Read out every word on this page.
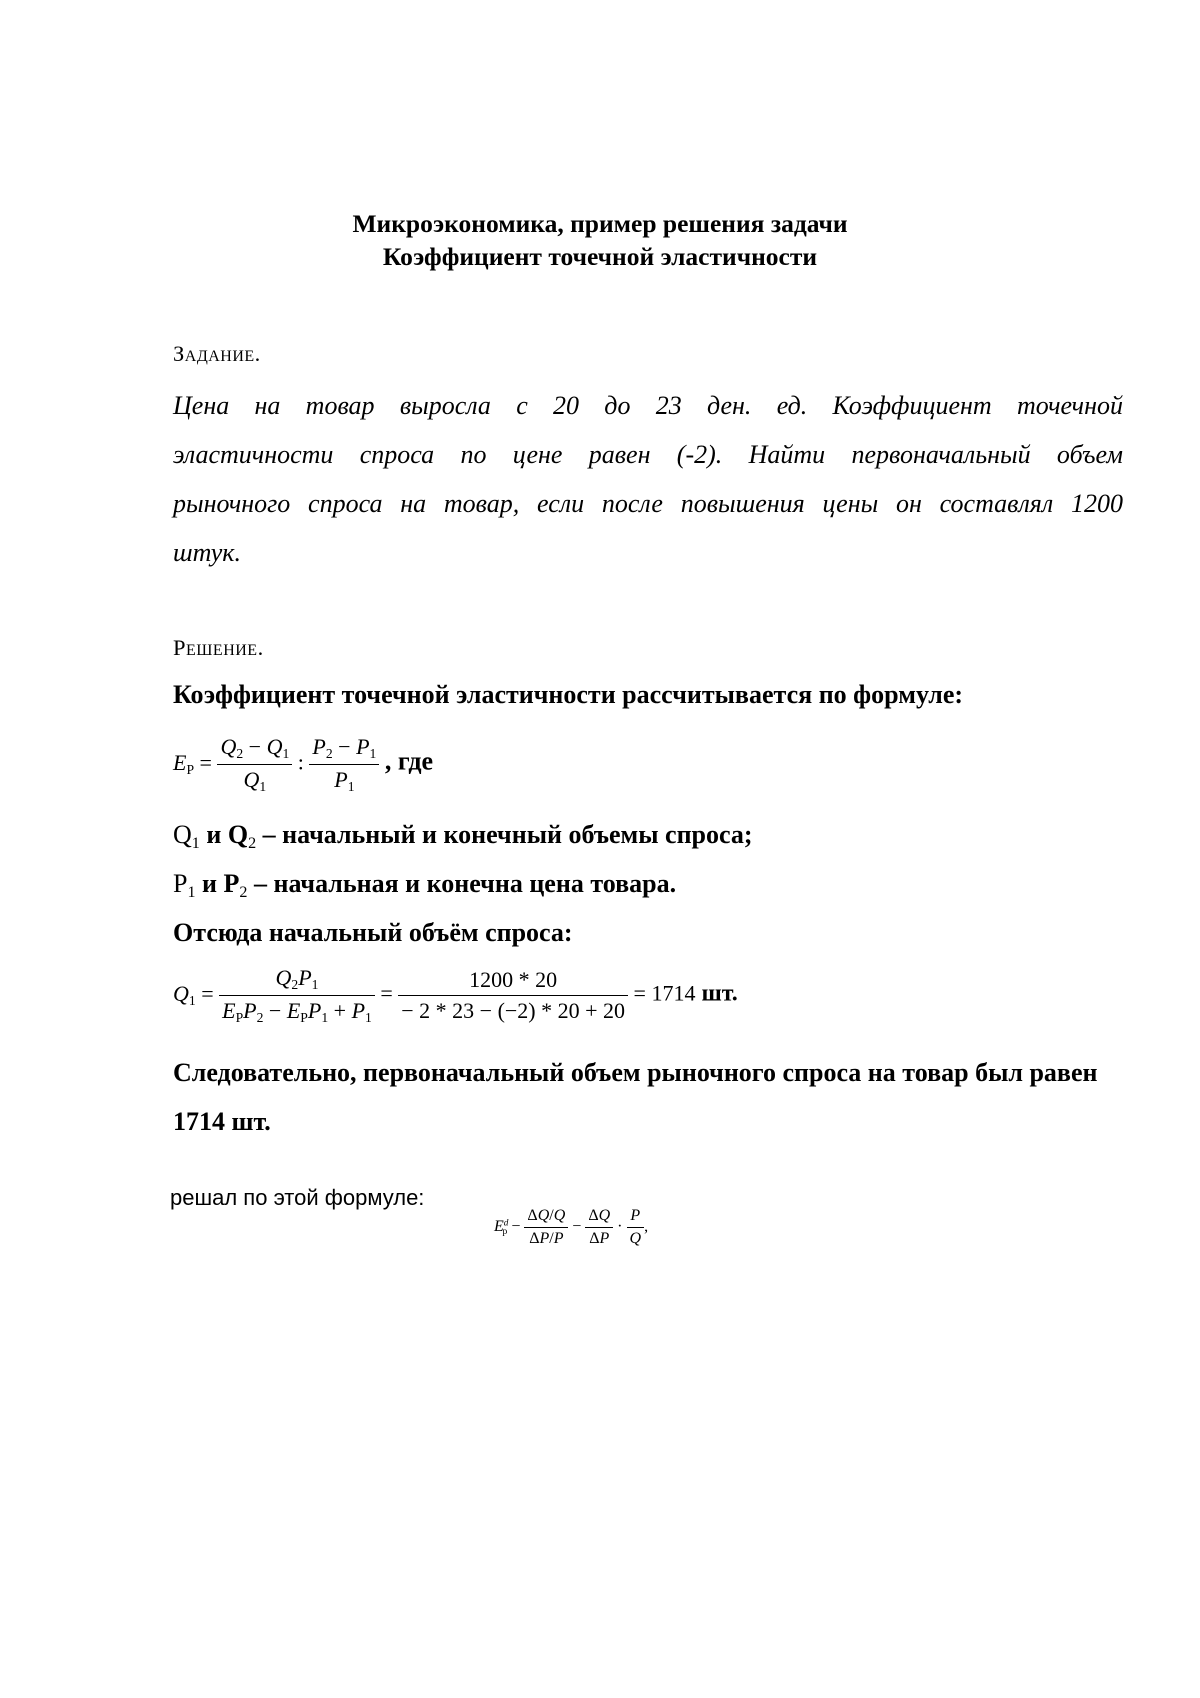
Микроэкономика, пример решения задачи
Коэффициент точечной эластичности
Задание.
Цена на товар выросла с 20 до 23 ден. ед. Коэффициент точечной эластичности спроса по цене равен (-2). Найти первоначальный объем рыночного спроса на товар, если после повышения цены он составлял 1200 штук.
Решение.
Коэффициент точечной эластичности рассчитывается по формуле:
$E_P = \frac{Q_2 - Q_1}{Q_1}$ : $\frac{P_2 - P_1}{P_1}$ , где
$Q_1$ и $Q_2$ – начальный и конечный объемы спроса;
$P_1$ и $P_2$ – начальная и конечна цена товара.
Отсюда начальный объём спроса:
$Q_1 = \frac{Q_2P_1}{E_PP_2 - E_PP_1 + P_1} = \frac{1200 * 20}{- 2 * 23 - (-2) * 20 + 20} = 1714$ шт.
Следовательно, первоначальный объем рыночного спроса на товар был равен 1714 шт.
решал по этой формуле:
$E^d_p - \frac{\Delta Q/Q}{\Delta P/P} - \frac{\Delta Q}{\Delta P} \cdot \frac{P}{Q}$ ,
